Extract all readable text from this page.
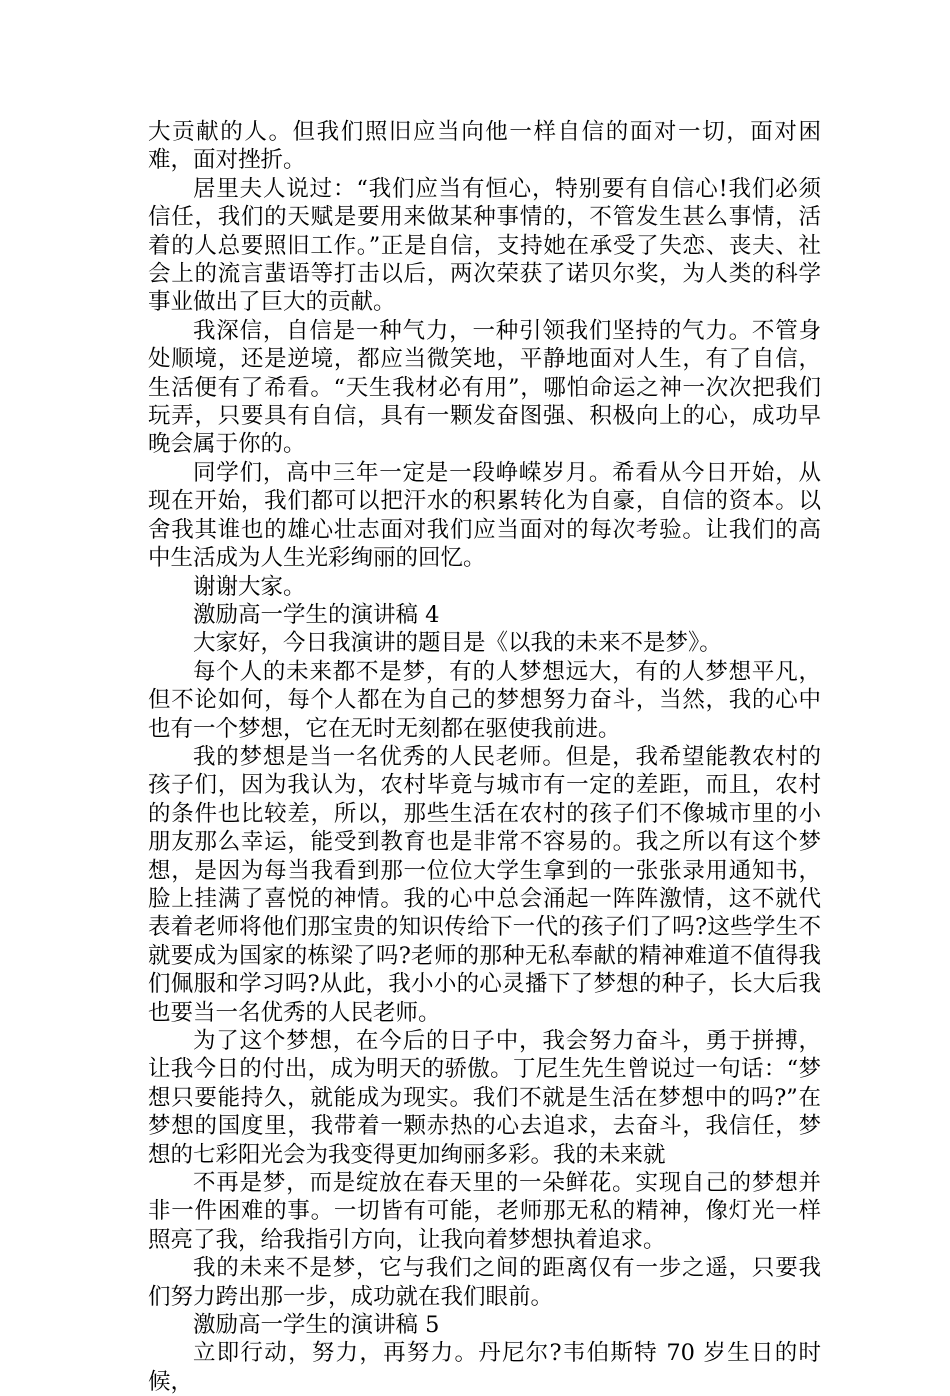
大贡献的人。但我们照旧应当向他一样自信的面对一切，面对困难，面对挫折。

居里夫人说过：“我们应当有恒心，特别要有自信心!我们必须信任，我们的天赋是要用来做某种事情的，不管发生甚么事情，活着的人总要照旧工作。”正是自信，支持她在承受了失恋、丧夫、社会上的流言蜚语等打击以后，两次荣获了诺贝尔奖，为人类的科学事业做出了巨大的贡献。

我深信，自信是一种气力，一种引领我们坚持的气力。不管身处顺境，还是逆境，都应当微笑地，平静地面对人生，有了自信，生活便有了希看。“天生我材必有用”，哪怕命运之神一次次把我们玩弄，只要具有自信，具有一颗发奋图强、积极向上的心，成功早晚会属于你的。

同学们，高中三年一定是一段峥嵘岁月。希看从今日开始，从现在开始，我们都可以把汗水的积累转化为自豪，自信的资本。以舍我其谁也的雄心壮志面对我们应当面对的每次考验。让我们的高中生活成为人生光彩绚丽的回忆。

谢谢大家。

激励高一学生的演讲稿 4

大家好，今日我演讲的题目是《以我的未来不是梦》。

每个人的未来都不是梦，有的人梦想远大，有的人梦想平凡，但不论如何，每个人都在为自己的梦想努力奋斗，当然，我的心中也有一个梦想，它在无时无刻都在驱使我前进。

我的梦想是当一名优秀的人民老师。但是，我希望能教农村的孩子们，因为我认为，农村毕竟与城市有一定的差距，而且，农村的条件也比较差，所以，那些生活在农村的孩子们不像城市里的小朋友那么幸运，能受到教育也是非常不容易的。我之所以有这个梦想，是因为每当我看到那一位位大学生拿到的一张张录用通知书，脸上挂满了喜悦的神情。我的心中总会涌起一阵阵激情，这不就代表着老师将他们那宝贵的知识传给下一代的孩子们了吗?这些学生不就要成为国家的栋梁了吗?老师的那种无私奉献的精神难道不值得我们佩服和学习吗?从此，我小小的心灵播下了梦想的种子，长大后我也要当一名优秀的人民老师。

为了这个梦想，在今后的日子中，我会努力奋斗，勇于拼搏，让我今日的付出，成为明天的骄傲。丁尼生先生曾说过一句话：“梦想只要能持久，就能成为现实。我们不就是生活在梦想中的吗?”在梦想的国度里，我带着一颗赤热的心去追求，去奋斗，我信任，梦想的七彩阳光会为我变得更加绚丽多彩。我的未来就

不再是梦，而是绽放在春天里的一朵鲜花。实现自己的梦想并非一件困难的事。一切皆有可能，老师那无私的精神，像灯光一样照亮了我，给我指引方向，让我向着梦想执着追求。

我的未来不是梦，它与我们之间的距离仅有一步之遥，只要我们努力跨出那一步，成功就在我们眼前。

激励高一学生的演讲稿 5

立即行动，努力，再努力。丹尼尔?韦伯斯特 70 岁生日的时候，
